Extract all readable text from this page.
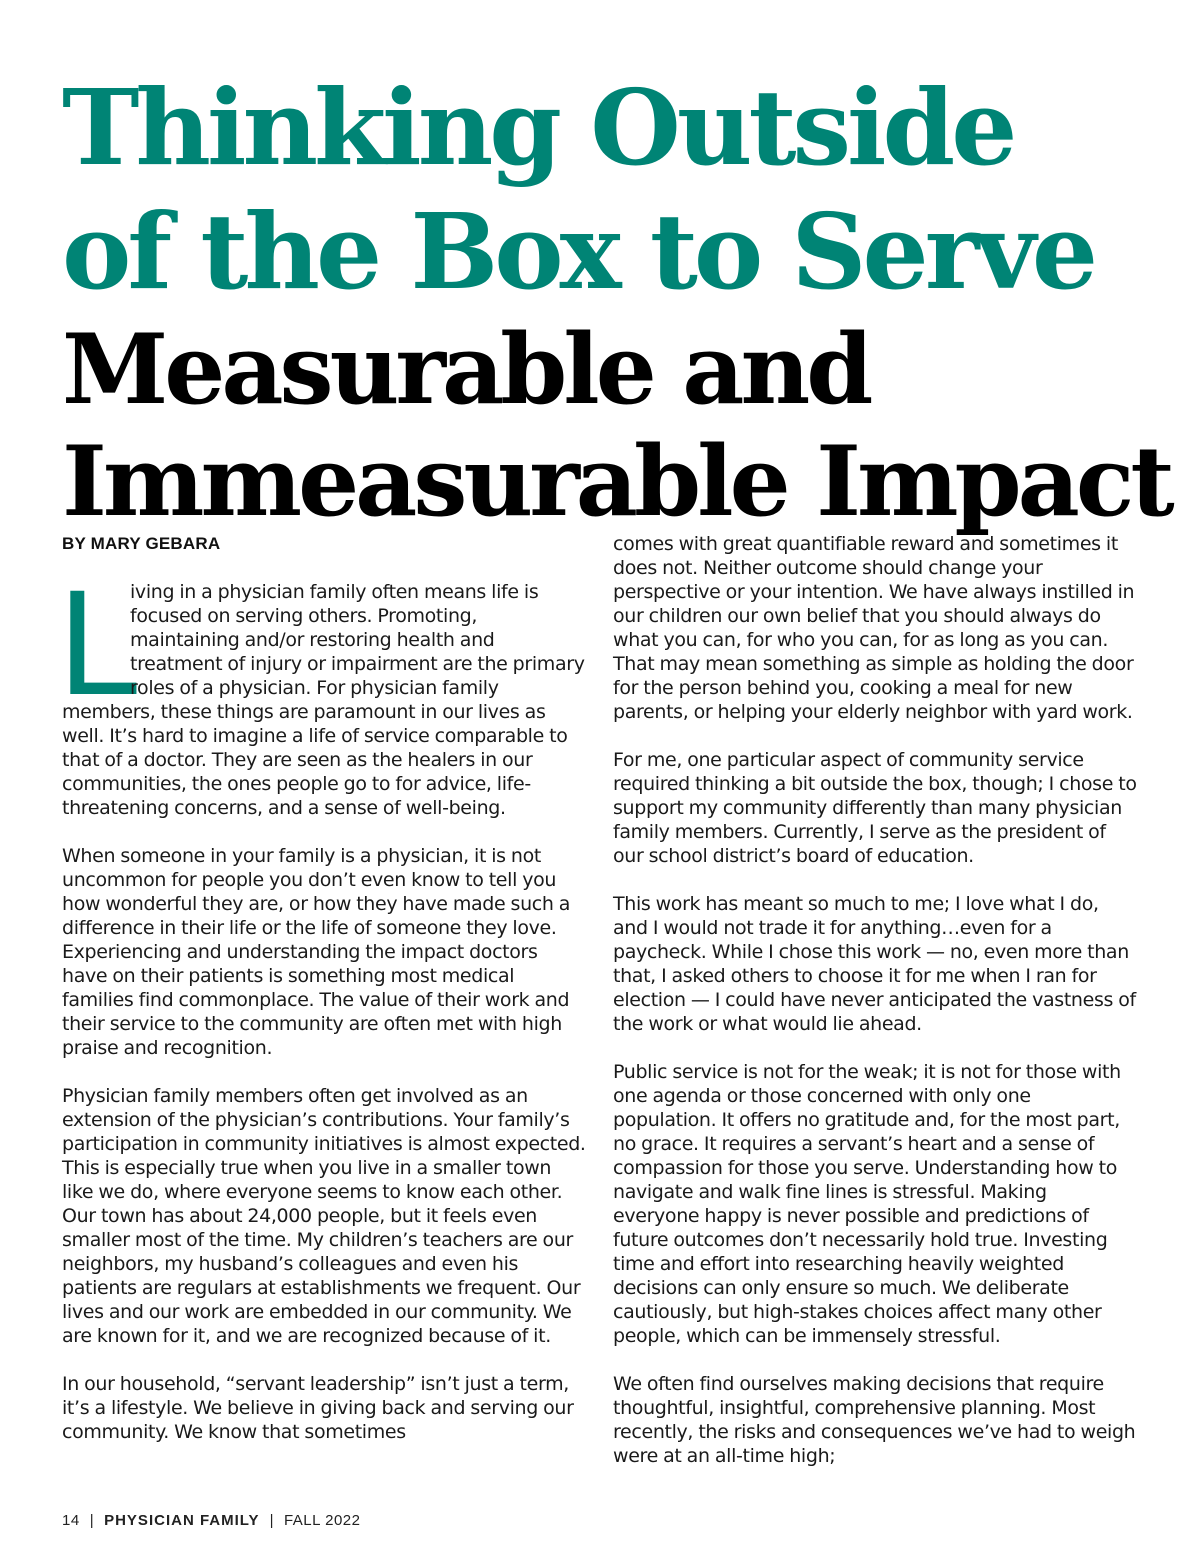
Thinking Outside
of the Box to Serve
Measurable and
Immeasurable Impact
BY MARY GEBARA

L
iving in a physician family often means life is focused on serving others. Promoting, maintaining and/or restoring health and treatment of injury or impairment are the primary roles of a physician. For physician family members, these things are paramount in our lives as well. It’s hard to imagine a life of service comparable to that of a doctor. They are seen as the healers in our communities, the ones people go to for advice, life-threatening concerns, and a sense of well-being.

When someone in your family is a physician, it is not uncommon for people you don’t even know to tell you how wonderful they are, or how they have made such a difference in their life or the life of someone they love. Experiencing and understanding the impact doctors have on their patients is something most medical families find commonplace. The value of their work and their service to the community are often met with high praise and recognition.

Physician family members often get involved as an extension of the physician’s contributions. Your family’s participation in community initiatives is almost expected. This is especially true when you live in a smaller town like we do, where everyone seems to know each other. Our town has about 24,000 people, but it feels even smaller most of the time. My children’s teachers are our neighbors, my husband’s colleagues and even his patients are regulars at establishments we frequent. Our lives and our work are embedded in our community. We are known for it, and we are recognized because of it.

In our household, “servant leadership” isn’t just a term, it’s a lifestyle. We believe in giving back and serving our community. We know that sometimes

comes with great quantifiable reward and sometimes it does not. Neither outcome should change your perspective or your intention. We have always instilled in our children our own belief that you should always do what you can, for who you can, for as long as you can. That may mean something as simple as holding the door for the person behind you, cooking a meal for new parents, or helping your elderly neighbor with yard work.

For me, one particular aspect of community service required thinking a bit outside the box, though; I chose to support my community differently than many physician family members. Currently, I serve as the president of our school district’s board of education.

This work has meant so much to me; I love what I do, and I would not trade it for anything…even for a paycheck. While I chose this work — no, even more than that, I asked others to choose it for me when I ran for election — I could have never anticipated the vastness of the work or what would lie ahead.

Public service is not for the weak; it is not for those with one agenda or those concerned with only one population. It offers no gratitude and, for the most part, no grace. It requires a servant’s heart and a sense of compassion for those you serve. Understanding how to navigate and walk fine lines is stressful. Making everyone happy is never possible and predictions of future outcomes don’t necessarily hold true. Investing time and effort into researching heavily weighted decisions can only ensure so much. We deliberate cautiously, but high-stakes choices affect many other people, which can be immensely stressful.

We often find ourselves making decisions that require thoughtful, insightful, comprehensive planning. Most recently, the risks and consequences we’ve had to weigh were at an all-time high;

14 | PHYSICIAN FAMILY | FALL 2022
